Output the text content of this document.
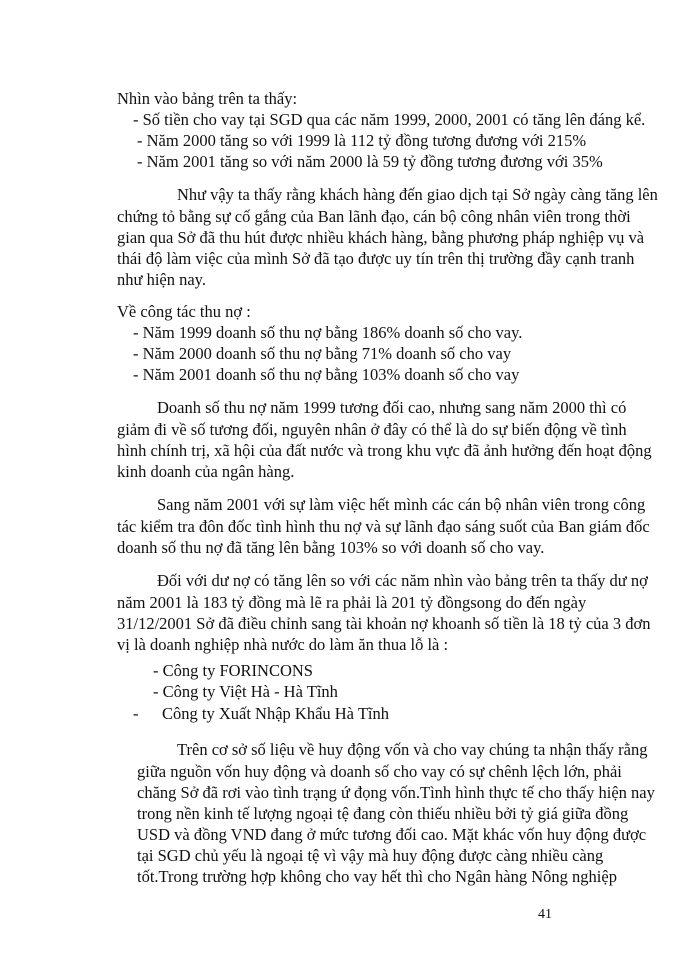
Nhìn vào bảng trên ta thấy:
- Số tiền cho vay tại SGD qua các năm 1999, 2000, 2001 có tăng lên đáng kể.
- Năm 2000 tăng so với 1999 là 112 tỷ đồng tương đương với 215%
- Năm 2001 tăng so với năm 2000 là 59 tỷ đồng tương đương với 35%
Như vậy ta thấy rằng khách hàng đến giao dịch tại Sở ngày càng tăng lên
chứng tỏ bằng sự cố gắng của Ban lãnh đạo, cán bộ công nhân viên trong thời
gian qua Sở đã thu hút được nhiều khách hàng, bằng phương pháp nghiệp vụ và
thái độ làm việc của mình Sở đã tạo được uy tín trên thị trường đầy cạnh tranh
như hiện nay.
Về công tác thu nợ :
- Năm 1999 doanh số thu nợ bằng 186% doanh số cho vay.
- Năm 2000 doanh số thu nợ bằng 71% doanh số cho vay
- Năm 2001 doanh số thu nợ bằng 103% doanh số cho vay
Doanh số thu nợ năm 1999 tương đối cao, nhưng sang năm 2000 thì có
giảm đi về số tương đối, nguyên nhân ở đây có thể là do sự biến động về tình
hình chính trị, xã hội của đất nước và trong khu vực đã ảnh hưởng đến hoạt động
kinh doanh của ngân hàng.
Sang năm 2001 với sự làm việc hết mình các cán bộ nhân viên trong công
tác kiểm tra đôn đốc tình hình thu nợ và sự lãnh đạo sáng suốt của Ban giám đốc
doanh số thu nợ đã tăng lên bằng 103% so với doanh số cho vay.
Đối với dư nợ có tăng lên so với các năm nhìn vào bảng trên ta thấy dư nợ
năm 2001 là 183 tỷ đồng mà lẽ ra phải là 201 tỷ đồngsong do đến ngày
31/12/2001 Sở đã điều chỉnh sang tài khoản nợ khoanh số tiền là 18 tỷ của 3 đơn
vị là doanh nghiệp nhà nước do làm ăn thua lỗ là :
- Công ty FORINCONS
- Công ty Việt Hà - Hà Tĩnh
- Công ty Xuất Nhập Khẩu Hà Tĩnh
Trên cơ sở số liệu về huy động vốn và cho vay chúng ta nhận thấy rằng
giữa nguồn vốn huy động và doanh số cho vay có sự chênh lệch lớn, phải
chăng Sở đã rơi vào tình trạng ứ đọng vốn.Tình hình thực tế cho thấy hiện nay
trong nền kinh tế lượng ngoại tệ đang còn thiếu nhiều bởi tỷ giá giữa đồng
USD và đồng VND đang ở mức tương đối cao. Mặt khác vốn huy động được
tại SGD chủ yếu là ngoại tệ vì vậy mà huy động được càng nhiều càng
tốt.Trong trường hợp không cho vay hết thì cho Ngân hàng Nông nghiệp
41
